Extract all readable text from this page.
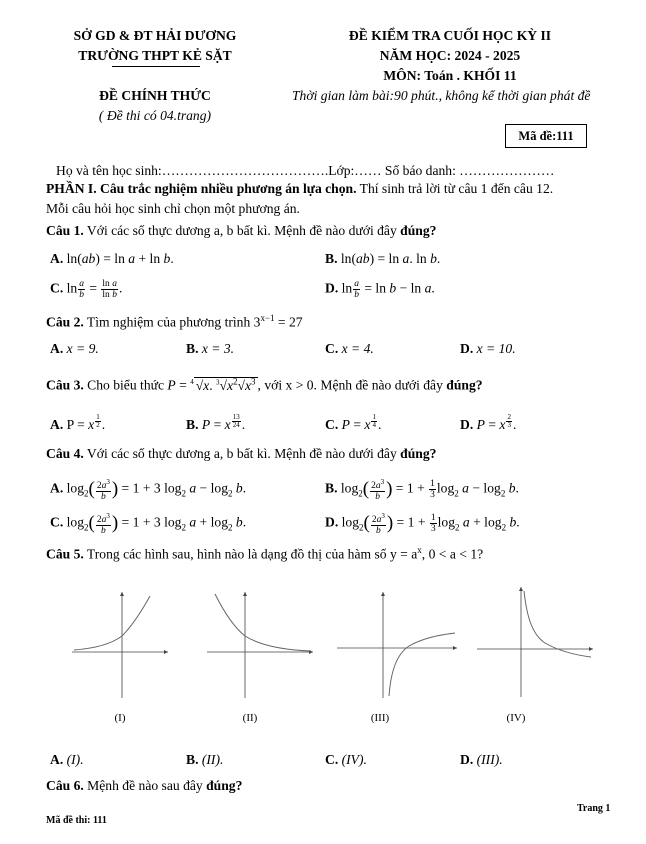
SỞ GD & ĐT HẢI DƯƠNG
TRƯỜNG THPT KẺ SẶT
ĐỀ KIỂM TRA CUỐI HỌC KỲ II
NĂM HỌC: 2024 - 2025
MÔN: Toán . KHỐI 11
ĐỀ CHÍNH THỨC
( Đề thi có 04.trang)
Thời gian làm bài:90 phút., không kể thời gian phát đề
Mã đề:111
Họ và tên học sinh:……………………………….Lớp:…… Số báo danh: …………………
PHẦN I. Câu trắc nghiệm nhiều phương án lựa chọn. Thí sinh trả lời từ câu 1 đến câu 12.
Mỗi câu hỏi học sinh chỉ chọn một phương án.
Câu 1. Với các số thực dương a, b bất kì. Mệnh đề nào dưới đây đúng?
A. ln(ab) = ln a + ln b.	B. ln(ab) = ln a. ln b.
C. $\ln \frac{a}{b} = \frac{\text{ln a}}{\text{ln b}}$ .	D. $\ln \frac{a}{b} = \ln b - \ln a$.
Câu 2. Tìm nghiệm của phương trình $3^{x-1} = 27$
A. x = 9.	B. x = 3.	C. x = 4.	D. x = 10.
Câu 3. Cho biểu thức P = $^4$ √x. $^3√x^2√x^3$ , với x > 0. Mệnh đề nào dưới đây đúng?
A. P = x $^{\frac{1}{2}}$ .	B. P = x $^{\frac{13}{24}}$ .	C. P = x $^{\frac{1}{4}}$ .	D. P = x $^{\frac{2}{3}}$ .
Câu 4. Với các số thực dương a, b bất kì. Mệnh đề nào dưới đây đúng?
A. $\log_2( \frac{2a^3}{b}$ ) = 1 + 3 $\log_2 a - \log_2 b$.	B. $\log_2( \frac{2a^3}{b}$ ) = $1 + \frac{1}{3} \log_2 a - \log_2 b$.
C. $\log_2( \frac{2a^3}{b}$ ) = 1 + 3 $\log_2 a + \log_2 b$.	D. $\log_2( \frac{2a^3}{b}$ ) = $1 + \frac{1}{3} \log_2 a + \log_2 b$.
Câu 5. Trong các hình sau, hình nào là dạng đồ thị của hàm số $y = a^x$, 0 < a < 1?
(I)	(II)	(III)	(IV)
A. (I).	B. (II).	C. (IV).	D. (III).
Câu 6. Mệnh đề nào sau đây đúng?
Trang 1
Mã đề thi: 111
